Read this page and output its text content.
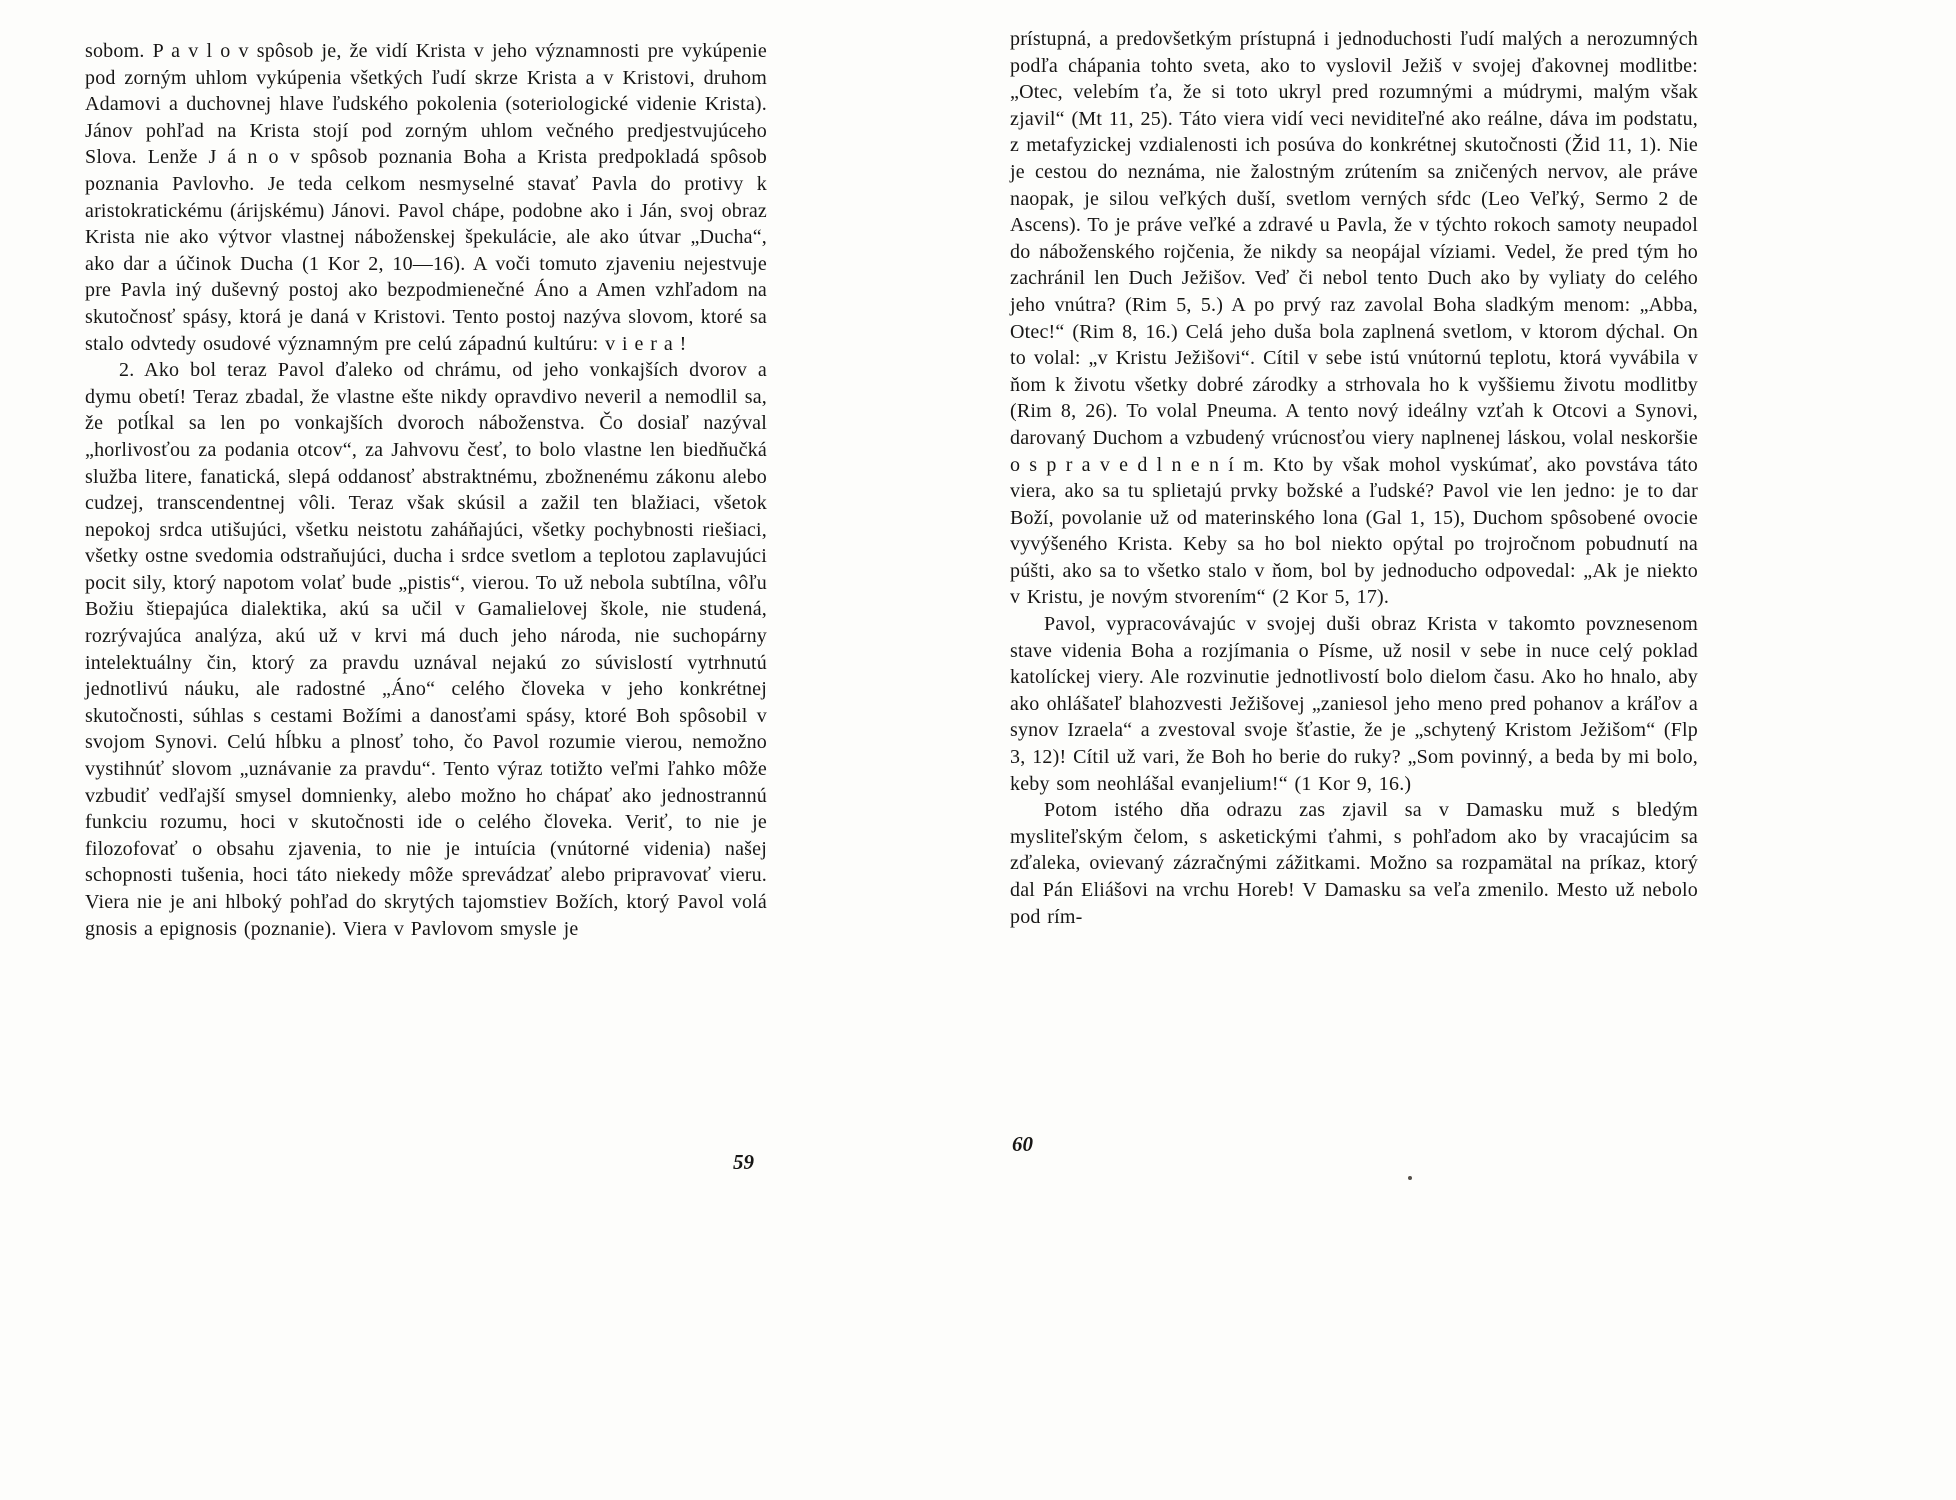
sobom. P a v l o v spôsob je, že vidí Krista v jeho významnosti pre vykúpenie pod zorným uhlom vykúpenia všetkých ľudí skrze Krista a v Kristovi, druhom Adamovi a duchovnej hlave ľudského pokolenia (soteriologické videnie Krista). Jánov pohľad na Krista stojí pod zorným uhlom večného predjestvujúceho Slova. Lenže J á n o v spôsob poznania Boha a Krista predpokladá spôsob poznania Pavlovho. Je teda celkom nesmyselné stavať Pavla do protivy k aristokratickému (árijskému) Jánovi. Pavol chápe, podobne ako i Ján, svoj obraz Krista nie ako výtvor vlastnej náboženskej špekulácie, ale ako útvar „Ducha“, ako dar a účinok Ducha (1 Kor 2, 10—16). A voči tomuto zjaveniu nejestvuje pre Pavla iný duševný postoj ako bezpodmienečné Áno a Amen vzhľadom na skutočnosť spásy, ktorá je daná v Kristovi. Tento postoj nazýva slovom, ktoré sa stalo odvtedy osudové významným pre celú západnú kultúru: v i e r a !

2. Ako bol teraz Pavol ďaleko od chrámu, od jeho vonkajších dvorov a dymu obetí! Teraz zbadal, že vlastne ešte nikdy opravdivo neveril a nemodlil sa, že potĺkal sa len po vonkajších dvoroch náboženstva. Čo dosiaľ nazýval „horlivosťou za podania otcov“, za Jahvovu česť, to bolo vlastne len biedňučká služba litere, fanatická, slepá oddanosť abstraktnému, zbožnenému zákonu alebo cudzej, transcendentnej vôli. Teraz však skúsil a zažil ten blažiaci, všetok nepokoj srdca utišujúci, všetku neistotu zaháňajúci, všetky pochybnosti riešiaci, všetky ostne svedomia odstraňujúci, ducha i srdce svetlom a teplotou zaplavujúci pocit sily, ktorý napotom volať bude „pistis“, vierou. To už nebola subtílna, vôľu Božiu štiepajúca dialektika, akú sa učil v Gamalielovej škole, nie studená, rozrývajúca analýza, akú už v krvi má duch jeho národa, nie suchopárny intelektuálny čin, ktorý za pravdu uznával nejakú zo súvislostí vytrhnutú jednotlivú náuku, ale radostné „Áno“ celého človeka v jeho konkrétnej skutočnosti, súhlas s cestami Božími a danosťami spásy, ktoré Boh spôsobil v svojom Synovi. Celú hĺbku a plnosť toho, čo Pavol rozumie vierou, nemožno vystihnúť slovom „uznávanie za pravdu“. Tento výraz totižto veľmi ľahko môže vzbudiť vedľajší smysel domnienky, alebo možno ho chápať ako jednostrannú funkciu rozumu, hoci v skutočnosti ide o celého človeka. Veriť, to nie je filozofovať o obsahu zjavenia, to nie je intuícia (vnútorné videnia) našej schopnosti tušenia, hoci táto niekedy môže sprevádzať alebo pripravovať vieru. Viera nie je ani hlboký pohľad do skrytých tajomstiev Božích, ktorý Pavol volá gnosis a epignosis (poznanie). Viera v Pavlovom smysle je

prístupná, a predovšetkým prístupná i jednoduchosti ľudí malých a nerozumných podľa chápania tohto sveta, ako to vyslovil Ježiš v svojej ďakovnej modlitbe: „Otec, velebím ťa, že si toto ukryl pred rozumnými a múdrymi, malým však zjavil“ (Mt 11, 25). Táto viera vidí veci neviditeľné ako reálne, dáva im podstatu, z metafyzickej vzdialenosti ich posúva do konkrétnej skutočnosti (Žid 11, 1). Nie je cestou do neznáma, nie žalostným zrútením sa zničených nervov, ale práve naopak, je silou veľkých duší, svetlom verných sŕdc (Leo Veľký, Sermo 2 de Ascens). To je práve veľké a zdravé u Pavla, že v týchto rokoch samoty neupadol do náboženského rojčenia, že nikdy sa neopájal víziami. Vedel, že pred tým ho zachránil len Duch Ježišov. Veď či nebol tento Duch ako by vyliaty do celého jeho vnútra? (Rim 5, 5.) A po prvý raz zavolal Boha sladkým menom: „Abba, Otec!“ (Rim 8, 16.) Celá jeho duša bola zaplnená svetlom, v ktorom dýchal. On to volal: „v Kristu Ježišovi“. Cítil v sebe istú vnútornú teplotu, ktorá vyvábila v ňom k životu všetky dobré zárodky a strhovala ho k vyššiemu životu modlitby (Rim 8, 26). To volal Pneuma. A tento nový ideálny vzťah k Otcovi a Synovi, darovaný Duchom a vzbudený vrúcnosťou viery naplnenej láskou, volal neskoršie o s p r a v e d l n e n í m. Kto by však mohol vyskúmať, ako povstáva táto viera, ako sa tu splietajú prvky božské a ľudské? Pavol vie len jedno: je to dar Boží, povolanie už od materinského lona (Gal 1, 15), Duchom spôsobené ovocie vyvýšeného Krista. Keby sa ho bol niekto opýtal po trojročnom pobudnutí na púšti, ako sa to všetko stalo v ňom, bol by jednoducho odpovedal: „Ak je niekto v Kristu, je novým stvorením“ (2 Kor 5, 17).

Pavol, vypracovávajúc v svojej duši obraz Krista v takomto povznesenom stave videnia Boha a rozjímania o Písme, už nosil v sebe in nuce celý poklad katolíckej viery. Ale rozvinutie jednotlivostí bolo dielom času. Ako ho hnalo, aby ako ohlášateľ blahozvesti Ježišovej „zaniesol jeho meno pred pohanov a kráľov a synov Izraela“ a zvestoval svoje šťastie, že je „schytený Kristom Ježišom“ (Flp 3, 12)! Cítil už vari, že Boh ho berie do ruky? „Som povinný, a beda by mi bolo, keby som neohlášal evanjelium!“ (1 Kor 9, 16.)

Potom istého dňa odrazu zas zjavil sa v Damasku muž s bledým mysliteľským čelom, s asketickými ťahmi, s pohľadom ako by vracajúcim sa zďaleka, ovievaný zázračnými zážitkami. Možno sa rozpamätal na príkaz, ktorý dal Pán Eliášovi na vrchu Horeb! V Damasku sa veľa zmenilo. Mesto už nebolo pod rím-

59
60
